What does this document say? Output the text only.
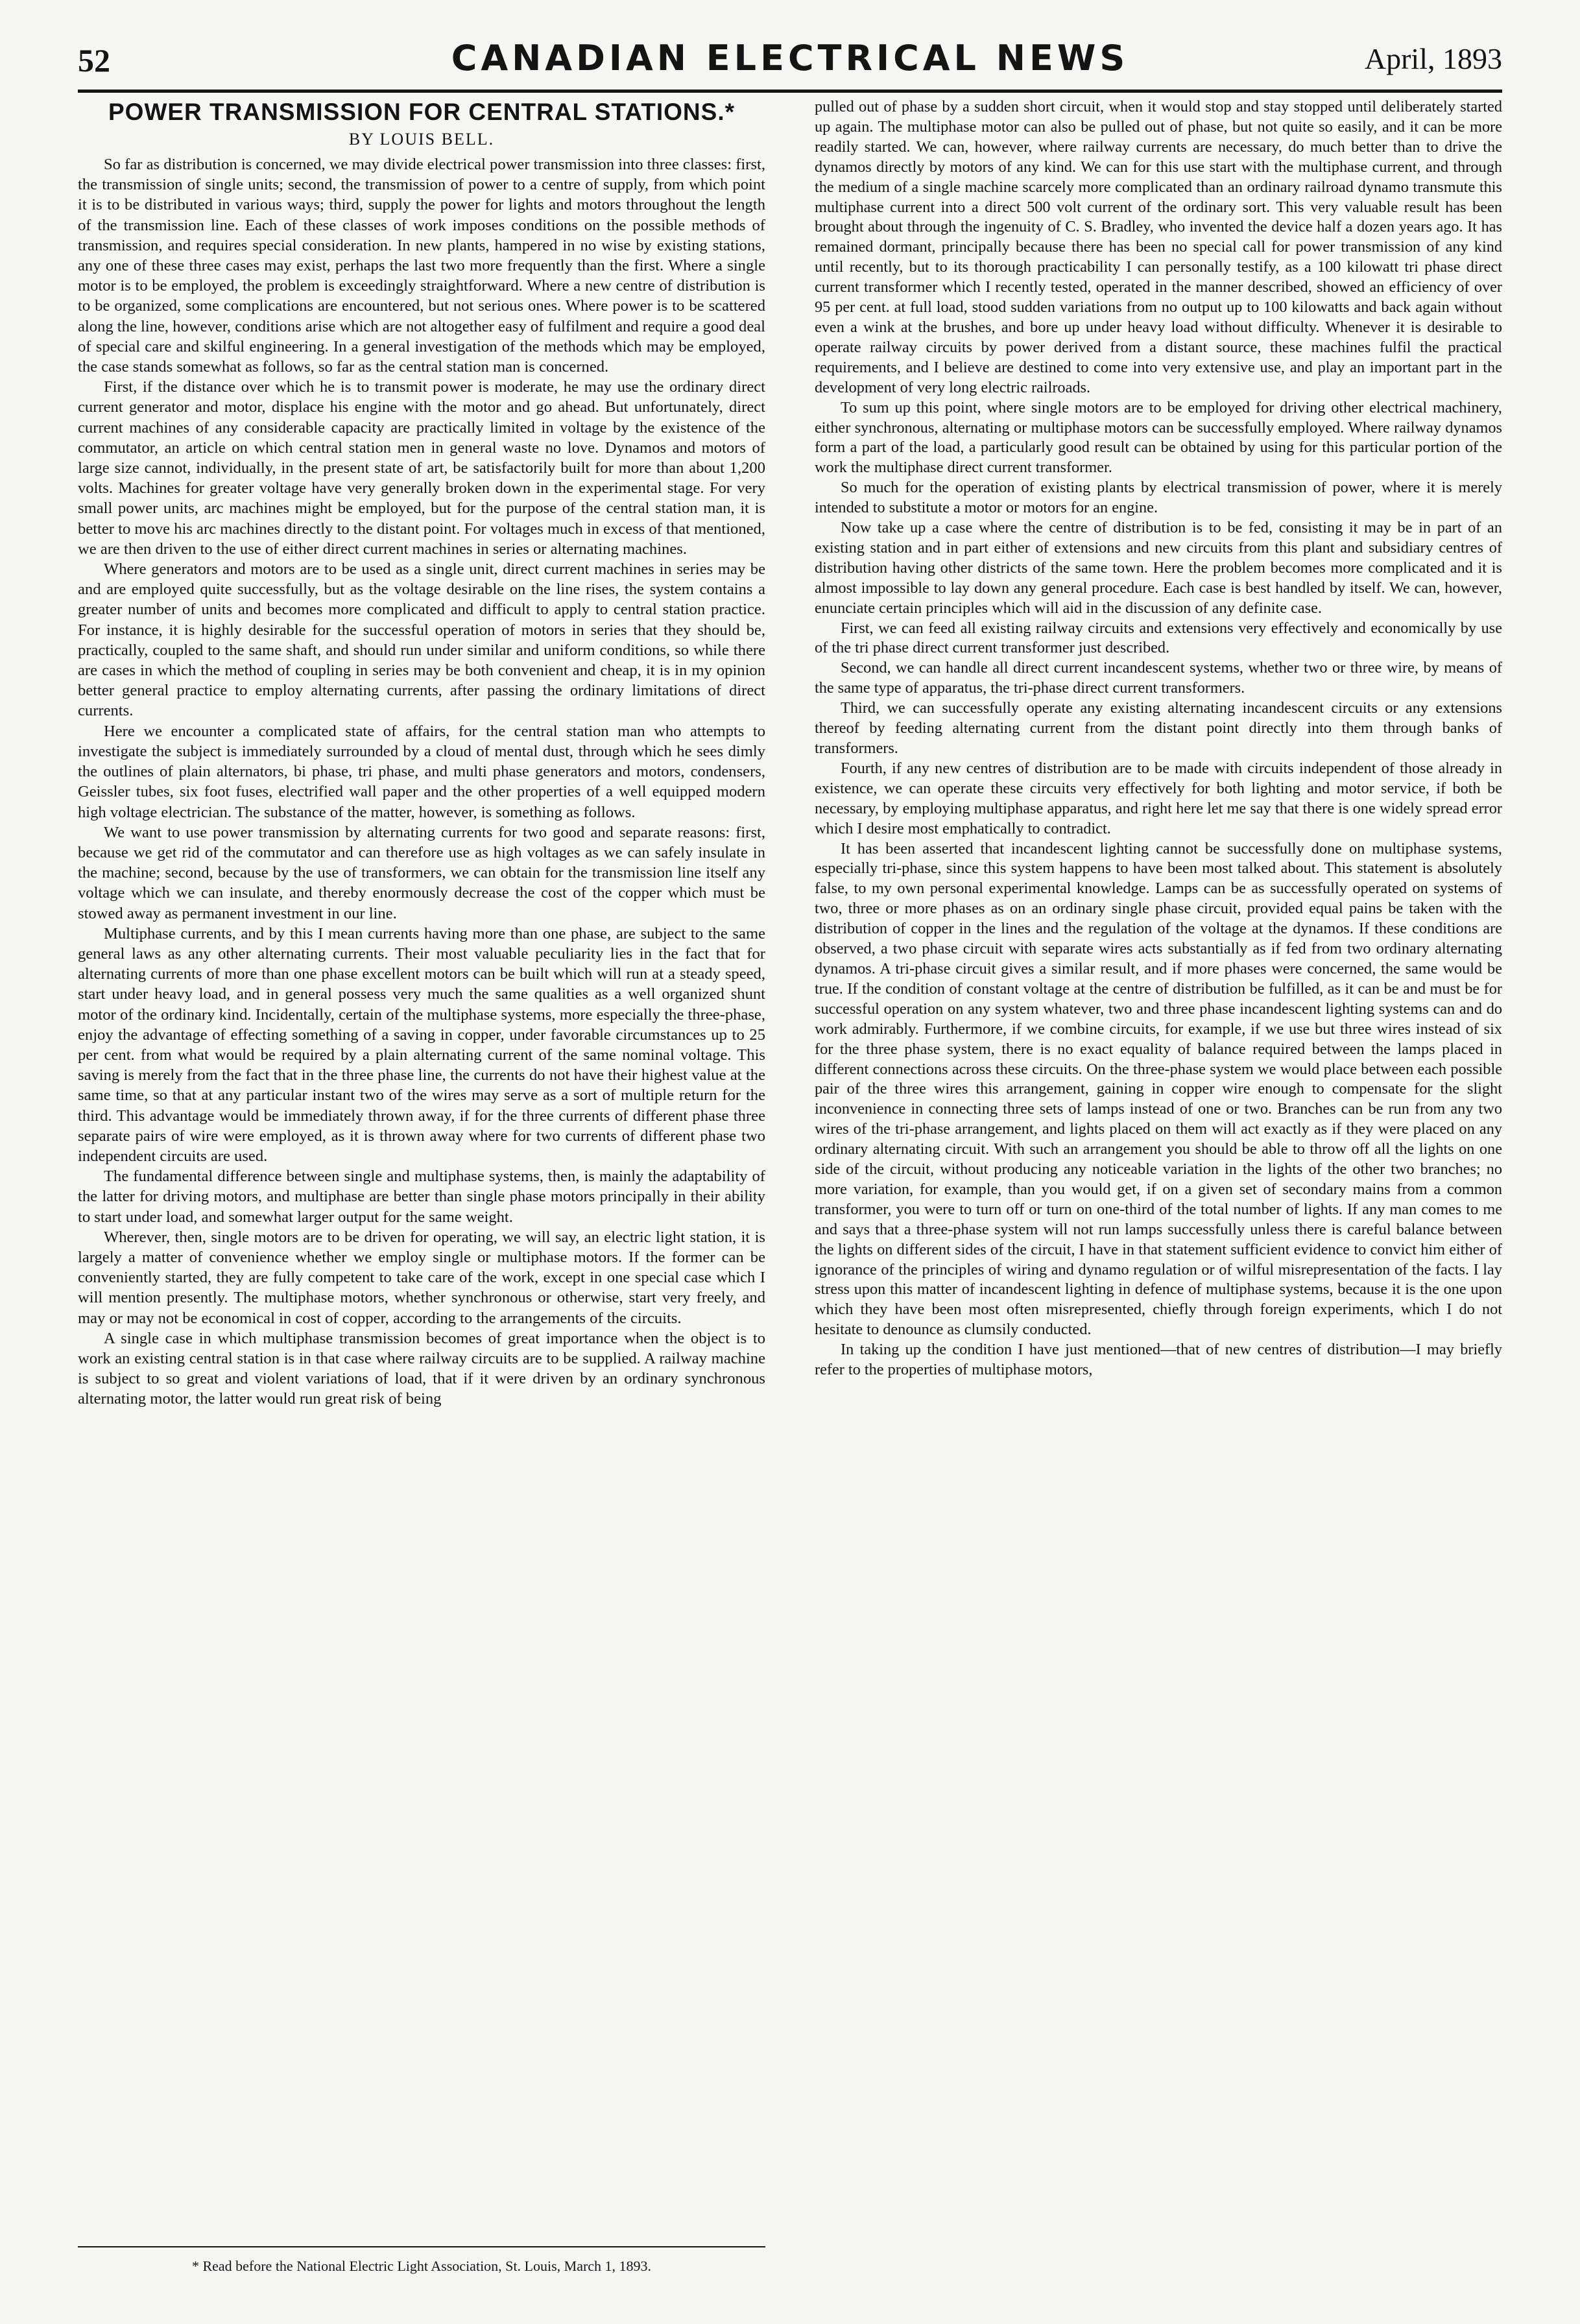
52	CANADIAN ELECTRICAL NEWS	April, 1893
POWER TRANSMISSION FOR CENTRAL STATIONS.*
BY LOUIS BELL.

So far as distribution is concerned, we may divide electrical power transmission into three classes: first, the transmission of single units; second, the transmission of power to a centre of supply, from which point it is to be distributed in various ways; third, supply the power for lights and motors throughout the length of the transmission line. Each of these classes of work imposes conditions on the possible methods of transmission, and requires special consideration. In new plants, hampered in no wise by existing stations, any one of these three cases may exist, perhaps the last two more frequently than the first. Where a single motor is to be employed, the problem is exceedingly straightforward. Where a new centre of distribution is to be organized, some complications are encountered, but not serious ones. Where power is to be scattered along the line, however, conditions arise which are not altogether easy of fulfilment and require a good deal of special care and skilful engineering. In a general investigation of the methods which may be employed, the case stands somewhat as follows, so far as the central station man is concerned.

First, if the distance over which he is to transmit power is moderate, he may use the ordinary direct current generator and motor, displace his engine with the motor and go ahead. But unfortunately, direct current machines of any considerable capacity are practically limited in voltage by the existence of the commutator, an article on which central station men in general waste no love. Dynamos and motors of large size cannot, individually, in the present state of art, be satisfactorily built for more than about 1,200 volts. Machines for greater voltage have very generally broken down in the experimental stage. For very small power units, arc machines might be employed, but for the purpose of the central station man, it is better to move his arc machines directly to the distant point. For voltages much in excess of that mentioned, we are then driven to the use of either direct current machines in series or alternating machines.

Where generators and motors are to be used as a single unit, direct current machines in series may be and are employed quite successfully, but as the voltage desirable on the line rises, the system contains a greater number of units and becomes more complicated and difficult to apply to central station practice. For instance, it is highly desirable for the successful operation of motors in series that they should be, practically, coupled to the same shaft, and should run under similar and uniform conditions, so while there are cases in which the method of coupling in series may be both convenient and cheap, it is in my opinion better general practice to employ alternating currents, after passing the ordinary limitations of direct currents.

Here we encounter a complicated state of affairs, for the central station man who attempts to investigate the subject is immediately surrounded by a cloud of mental dust, through which he sees dimly the outlines of plain alternators, bi phase, tri phase, and multi phase generators and motors, condensers, Geissler tubes, six foot fuses, electrified wall paper and the other properties of a well equipped modern high voltage electrician. The substance of the matter, however, is something as follows.

We want to use power transmission by alternating currents for two good and separate reasons: first, because we get rid of the commutator and can therefore use as high voltages as we can safely insulate in the machine; second, because by the use of transformers, we can obtain for the transmission line itself any voltage which we can insulate, and thereby enormously decrease the cost of the copper which must be stowed away as permanent investment in our line.

Multiphase currents, and by this I mean currents having more than one phase, are subject to the same general laws as any other alternating currents. Their most valuable peculiarity lies in the fact that for alternating currents of more than one phase excellent motors can be built which will run at a steady speed, start under heavy load, and in general possess very much the same qualities as a well organized shunt motor of the ordinary kind. Incidentally, certain of the multiphase systems, more especially the three-phase, enjoy the advantage of effecting something of a saving in copper, under favorable circumstances up to 25 per cent. from what would be required by a plain alternating current of the same nominal voltage. This saving is merely from the fact that in the three phase line, the currents do not have their highest value at the same time, so that at any particular instant two of the wires may serve as a sort of multiple return for the third. This advantage would be immediately thrown away, if for the three currents of different phase three separate pairs of wire were employed, as it is thrown away where for two currents of different phase two independent circuits are used.

The fundamental difference between single and multiphase systems, then, is mainly the adaptability of the latter for driving motors, and multiphase are better than single phase motors principally in their ability to start under load, and somewhat larger output for the same weight.

Wherever, then, single motors are to be driven for operating, we will say, an electric light station, it is largely a matter of convenience whether we employ single or multiphase motors. If the former can be conveniently started, they are fully competent to take care of the work, except in one special case which I will mention presently. The multiphase motors, whether synchronous or otherwise, start very freely, and may or may not be economical in cost of copper, according to the arrangements of the circuits.

A single case in which multiphase transmission becomes of great importance when the object is to work an existing central station is in that case where railway circuits are to be supplied. A railway machine is subject to so great and violent variations of load, that if it were driven by an ordinary synchronous alternating motor, the latter would run great risk of being

* Read before the National Electric Light Association, St. Louis, March 1, 1893.

pulled out of phase by a sudden short circuit, when it would stop and stay stopped until deliberately started up again. The multiphase motor can also be pulled out of phase, but not quite so easily, and it can be more readily started. We can, however, where railway currents are necessary, do much better than to drive the dynamos directly by motors of any kind. We can for this use start with the multiphase current, and through the medium of a single machine scarcely more complicated than an ordinary railroad dynamo transmute this multiphase current into a direct 500 volt current of the ordinary sort. This very valuable result has been brought about through the ingenuity of C. S. Bradley, who invented the device half a dozen years ago. It has remained dormant, principally because there has been no special call for power transmission of any kind until recently, but to its thorough practicability I can personally testify, as a 100 kilowatt tri phase direct current transformer which I recently tested, operated in the manner described, showed an efficiency of over 95 per cent. at full load, stood sudden variations from no output up to 100 kilowatts and back again without even a wink at the brushes, and bore up under heavy load without difficulty. Whenever it is desirable to operate railway circuits by power derived from a distant source, these machines fulfil the practical requirements, and I believe are destined to come into very extensive use, and play an important part in the development of very long electric railroads.

To sum up this point, where single motors are to be employed for driving other electrical machinery, either synchronous, alternating or multiphase motors can be successfully employed. Where railway dynamos form a part of the load, a particularly good result can be obtained by using for this particular portion of the work the multiphase direct current transformer.

So much for the operation of existing plants by electrical transmission of power, where it is merely intended to substitute a motor or motors for an engine.

Now take up a case where the centre of distribution is to be fed, consisting it may be in part of an existing station and in part either of extensions and new circuits from this plant and subsidiary centres of distribution having other districts of the same town. Here the problem becomes more complicated and it is almost impossible to lay down any general procedure. Each case is best handled by itself. We can, however, enunciate certain principles which will aid in the discussion of any definite case.

First, we can feed all existing railway circuits and extensions very effectively and economically by use of the tri phase direct current transformer just described.

Second, we can handle all direct current incandescent systems, whether two or three wire, by means of the same type of apparatus, the tri-phase direct current transformers.

Third, we can successfully operate any existing alternating incandescent circuits or any extensions thereof by feeding alternating current from the distant point directly into them through banks of transformers.

Fourth, if any new centres of distribution are to be made with circuits independent of those already in existence, we can operate these circuits very effectively for both lighting and motor service, if both be necessary, by employing multiphase apparatus, and right here let me say that there is one widely spread error which I desire most emphatically to contradict.

It has been asserted that incandescent lighting cannot be successfully done on multiphase systems, especially tri-phase, since this system happens to have been most talked about. This statement is absolutely false, to my own personal experimental knowledge. Lamps can be as successfully operated on systems of two, three or more phases as on an ordinary single phase circuit, provided equal pains be taken with the distribution of copper in the lines and the regulation of the voltage at the dynamos. If these conditions are observed, a two phase circuit with separate wires acts substantially as if fed from two ordinary alternating dynamos. A tri-phase circuit gives a similar result, and if more phases were concerned, the same would be true. If the condition of constant voltage at the centre of distribution be fulfilled, as it can be and must be for successful operation on any system whatever, two and three phase incandescent lighting systems can and do work admirably. Furthermore, if we combine circuits, for example, if we use but three wires instead of six for the three phase system, there is no exact equality of balance required between the lamps placed in different connections across these circuits. On the three-phase system we would place between each possible pair of the three wires this arrangement, gaining in copper wire enough to compensate for the slight inconvenience in connecting three sets of lamps instead of one or two. Branches can be run from any two wires of the tri-phase arrangement, and lights placed on them will act exactly as if they were placed on any ordinary alternating circuit. With such an arrangement you should be able to throw off all the lights on one side of the circuit, without producing any noticeable variation in the lights of the other two branches; no more variation, for example, than you would get, if on a given set of secondary mains from a common transformer, you were to turn off or turn on one-third of the total number of lights. If any man comes to me and says that a three-phase system will not run lamps successfully unless there is careful balance between the lights on different sides of the circuit, I have in that statement sufficient evidence to convict him either of ignorance of the principles of wiring and dynamo regulation or of wilful misrepresentation of the facts. I lay stress upon this matter of incandescent lighting in defence of multiphase systems, because it is the one upon which they have been most often misrepresented, chiefly through foreign experiments, which I do not hesitate to denounce as clumsily conducted.

In taking up the condition I have just mentioned—that of new centres of distribution—I may briefly refer to the properties of multiphase motors,
